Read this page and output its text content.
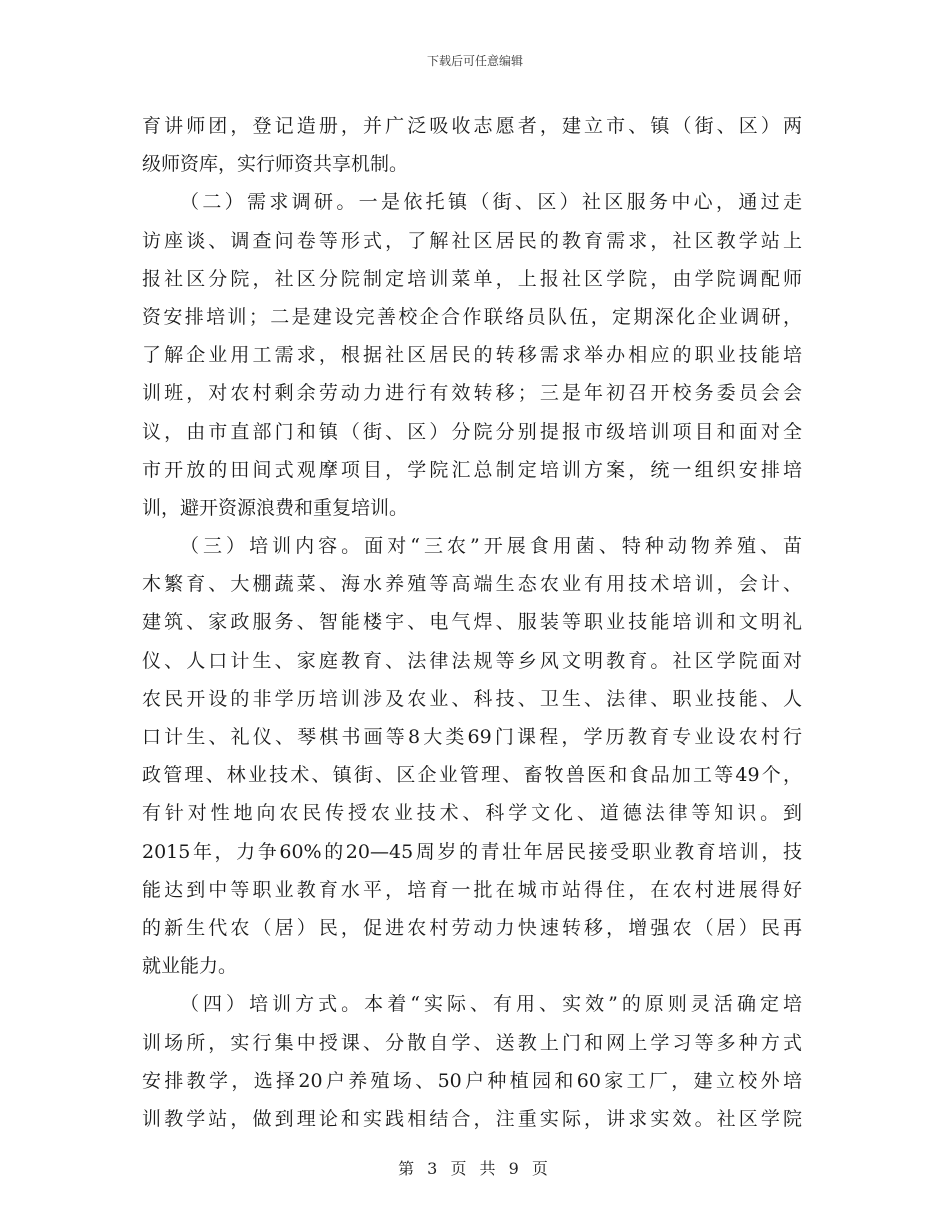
下载后可任意编辑
育讲师团，登记造册，并广泛吸收志愿者，建立市、镇（街、区）两
级师资库，实行师资共享机制。
（二）需求调研。一是依托镇（街、区）社区服务中心，通过走
访座谈、调查问卷等形式，了解社区居民的教育需求，社区教学站上
报社区分院，社区分院制定培训菜单，上报社区学院，由学院调配师
资安排培训；二是建设完善校企合作联络员队伍，定期深化企业调研，
了解企业用工需求，根据社区居民的转移需求举办相应的职业技能培
训班，对农村剩余劳动力进行有效转移；三是年初召开校务委员会会
议，由市直部门和镇（街、区）分院分别提报市级培训项目和面对全
市开放的田间式观摩项目，学院汇总制定培训方案，统一组织安排培
训，避开资源浪费和重复培训。
（三）培训内容。面对“三农”开展食用菌、特种动物养殖、苗
木繁育、大棚蔬菜、海水养殖等高端生态农业有用技术培训，会计、
建筑、家政服务、智能楼宇、电气焊、服装等职业技能培训和文明礼
仪、人口计生、家庭教育、法律法规等乡风文明教育。社区学院面对
农民开设的非学历培训涉及农业、科技、卫生、法律、职业技能、人
口计生、礼仪、琴棋书画等8大类69门课程，学历教育专业设农村行
政管理、林业技术、镇街、区企业管理、畜牧兽医和食品加工等49个，
有针对性地向农民传授农业技术、科学文化、道德法律等知识。到
2015年，力争60%的20—45周岁的青壮年居民接受职业教育培训，技
能达到中等职业教育水平，培育一批在城市站得住，在农村进展得好
的新生代农（居）民，促进农村劳动力快速转移，增强农（居）民再
就业能力。
（四）培训方式。本着“实际、有用、实效”的原则灵活确定培
训场所，实行集中授课、分散自学、送教上门和网上学习等多种方式
安排教学，选择20户养殖场、50户种植园和60家工厂，建立校外培
训教学站，做到理论和实践相结合，注重实际，讲求实效。社区学院
第 3 页 共 9 页
